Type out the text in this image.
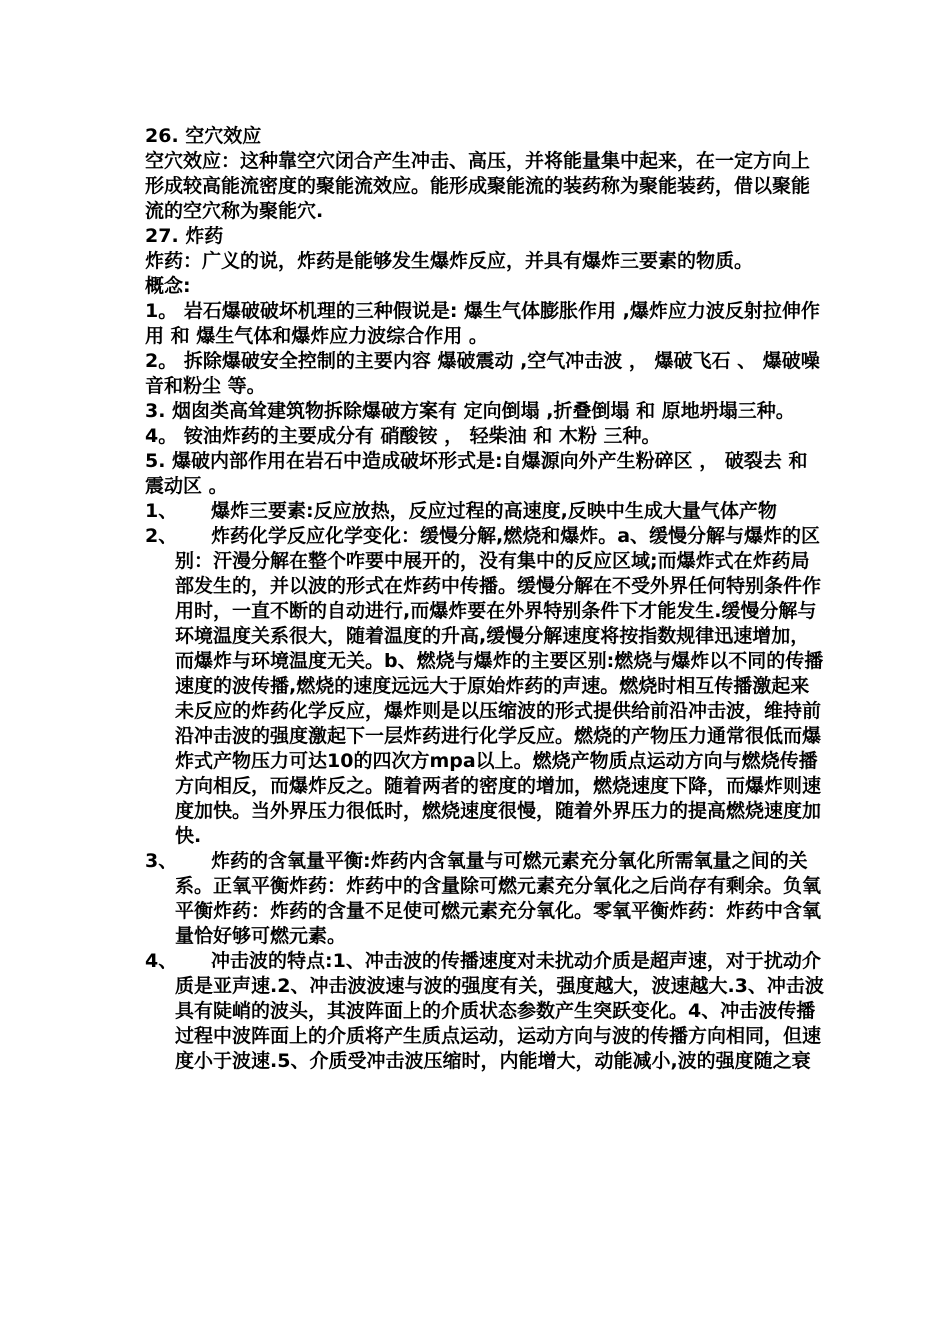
26. 空穴效应
空穴效应：这种靠空穴闭合产生冲击、高压，并将能量集中起来，在一定方向上形成较高能流密度的聚能流效应。能形成聚能流的装药称为聚能装药，借以聚能流的空穴称为聚能穴.
27. 炸药
炸药：广义的说，炸药是能够发生爆炸反应，并具有爆炸三要素的物质。
概念:
1。 岩石爆破破坏机理的三种假说是: 爆生气体膨胀作用 ,爆炸应力波反射拉伸作用 和 爆生气体和爆炸应力波综合作用 。
2。 拆除爆破安全控制的主要内容 爆破震动 ,空气冲击波 ， 爆破飞石 、 爆破噪音和粉尘 等。
3. 烟囱类高耸建筑物拆除爆破方案有 定向倒塌 ,折叠倒塌 和 原地坍塌三种。
4。 铵油炸药的主要成分有 硝酸铵 ， 轻柴油 和 木粉 三种。
5. 爆破内部作用在岩石中造成破坏形式是:自爆源向外产生粉碎区 ， 破裂去 和 震动区 。
1、	爆炸三要素:反应放热，反应过程的高速度,反映中生成大量气体产物
2、	炸药化学反应化学变化：缓慢分解,燃烧和爆炸。a、缓慢分解与爆炸的区别：汗漫分解在整个咋要中展开的，没有集中的反应区域;而爆炸式在炸药局部发生的，并以波的形式在炸药中传播。缓慢分解在不受外界任何特别条件作用时，一直不断的自动进行,而爆炸要在外界特别条件下才能发生.缓慢分解与环境温度关系很大，随着温度的升高,缓慢分解速度将按指数规律迅速增加，而爆炸与环境温度无关。b、燃烧与爆炸的主要区别:燃烧与爆炸以不同的传播速度的波传播,燃烧的速度远远大于原始炸药的声速。燃烧时相互传播激起来未反应的炸药化学反应，爆炸则是以压缩波的形式提供给前沿冲击波，维持前沿冲击波的强度激起下一层炸药进行化学反应。燃烧的产物压力通常很低而爆炸式产物压力可达10的四次方mpa以上。燃烧产物质点运动方向与燃烧传播方向相反，而爆炸反之。随着两者的密度的增加，燃烧速度下降，而爆炸则速度加快。当外界压力很低时，燃烧速度很慢，随着外界压力的提高燃烧速度加快.
3、	炸药的含氧量平衡:炸药内含氧量与可燃元素充分氧化所需氧量之间的关系。正氧平衡炸药：炸药中的含量除可燃元素充分氧化之后尚存有剩余。负氧平衡炸药：炸药的含量不足使可燃元素充分氧化。零氧平衡炸药：炸药中含氧量恰好够可燃元素。
4、	冲击波的特点:1、冲击波的传播速度对未扰动介质是超声速，对于扰动介质是亚声速.2、冲击波波速与波的强度有关，强度越大，波速越大.3、冲击波具有陡峭的波头，其波阵面上的介质状态参数产生突跃变化。4、冲击波传播过程中波阵面上的介质将产生质点运动，运动方向与波的传播方向相同，但速度小于波速.5、介质受冲击波压缩时，内能增大，动能减小,波的强度随之衰
